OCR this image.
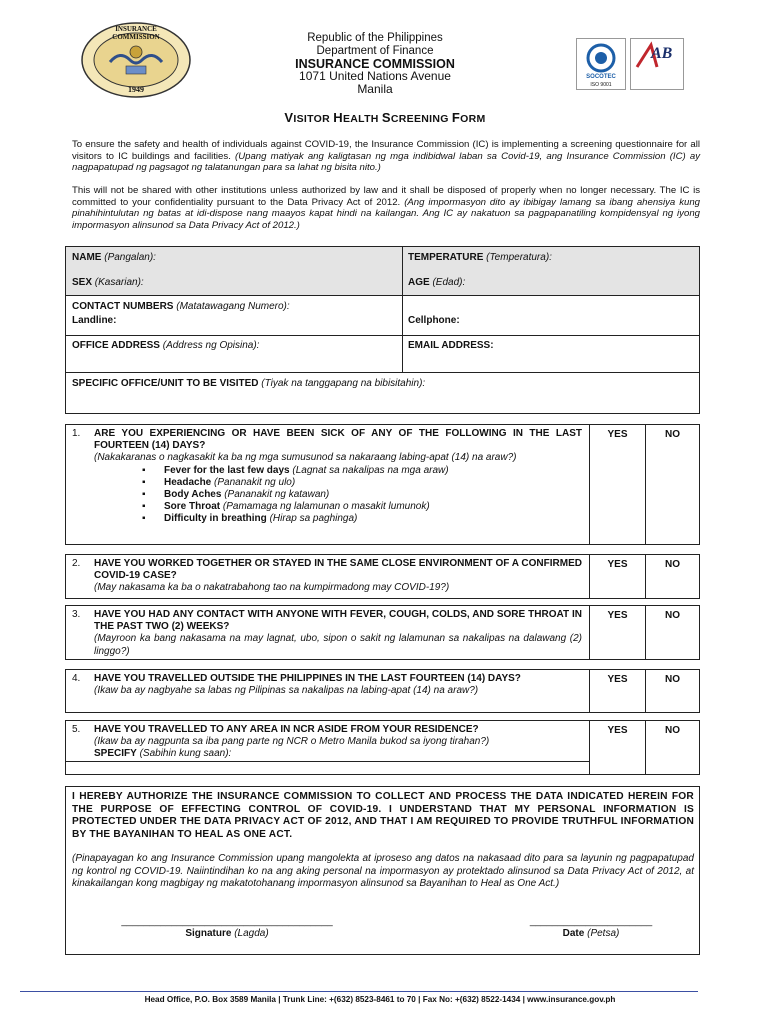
INSURANCE COMMISSION
1949
Republic of the Philippines
Department of Finance
INSURANCE COMMISSION
1071 United Nations Avenue
Manila
SOCOTEC
ISO 9001
AB
VISITOR HEALTH SCREENING FORM
To ensure the safety and health of individuals against COVID-19, the Insurance Commission (IC) is implementing a screening questionnaire for all visitors to IC buildings and facilities. (Upang matiyak ang kaligtasan ng mga indibidwal laban sa Covid-19, ang Insurance Commission (IC) ay nagpapatupad ng pagsagot ng talatanungan para sa lahat ng bisita nito.)
This will not be shared with other institutions unless authorized by law and it shall be disposed of properly when no longer necessary. The IC is committed to your confidentiality pursuant to the Data Privacy Act of 2012. (Ang impormasyon dito ay ibibigay lamang sa ibang ahensiya kung pinahihintulutan ng batas at idi-dispose nang maayos kapat hindi na kailangan. Ang IC ay nakatuon sa pagpapanatiling kompidensyal ng iyong impormasyon alinsunod sa Data Privacy Act of 2012.)
NAME (Pangalan):	TEMPERATURE (Temperatura):
SEX (Kasarian):	AGE (Edad):
CONTACT NUMBERS (Matatawagang Numero):
Landline:	Cellphone:
OFFICE ADDRESS (Address ng Opisina):	EMAIL ADDRESS:
SPECIFIC OFFICE/UNIT TO BE VISITED (Tiyak na tanggapang na bibisitahin):
1. ARE YOU EXPERIENCING OR HAVE BEEN SICK OF ANY OF THE FOLLOWING IN THE LAST FOURTEEN (14) DAYS?
(Nakakaranas o nagkasakit ka ba ng mga sumusunod sa nakaraang labing-apat (14) na araw?)
▪ Fever for the last few days (Lagnat sa nakalipas na mga araw)
▪ Headache (Pananakit ng ulo)
▪ Body Aches (Pananakit ng katawan)
▪ Sore Throat (Pamamaga ng lalamunan o masakit lumunok)
▪ Difficulty in breathing (Hirap sa paghinga)
YES	NO
2. HAVE YOU WORKED TOGETHER OR STAYED IN THE SAME CLOSE ENVIRONMENT OF A CONFIRMED COVID-19 CASE?
(May nakasama ka ba o nakatrabahong tao na kumpirmadong may COVID-19?)
YES	NO
3. HAVE YOU HAD ANY CONTACT WITH ANYONE WITH FEVER, COUGH, COLDS, AND SORE THROAT IN THE PAST TWO (2) WEEKS?
(Mayroon ka bang nakasama na may lagnat, ubo, sipon o sakit ng lalamunan sa nakalipas na dalawang (2) linggo?)
YES	NO
4. HAVE YOU TRAVELLED OUTSIDE THE PHILIPPINES IN THE LAST FOURTEEN (14) DAYS?
(Ikaw ba ay nagbyahe sa labas ng Pilipinas sa nakalipas na labing-apat (14) na araw?)
YES	NO
5. HAVE YOU TRAVELLED TO ANY AREA IN NCR ASIDE FROM YOUR RESIDENCE?
(Ikaw ba ay nagpunta sa iba pang parte ng NCR o Metro Manila bukod sa iyong tirahan?)
SPECIFY (Sabihin kung saan):
YES	NO
I HEREBY AUTHORIZE THE INSURANCE COMMISSION TO COLLECT AND PROCESS THE DATA INDICATED HEREIN FOR THE PURPOSE OF EFFECTING CONTROL OF COVID-19. I UNDERSTAND THAT MY PERSONAL INFORMATION IS PROTECTED UNDER THE DATA PRIVACY ACT OF 2012, AND THAT I AM REQUIRED TO PROVIDE TRUTHFUL INFORMATION BY THE BAYANIHAN TO HEAL AS ONE ACT.
(Pinapayagan ko ang Insurance Commission upang mangolekta at iproseso ang datos na nakasaad dito para sa layunin ng pagpapatupad ng kontrol ng COVID-19. Naiintindihan ko na ang aking personal na impormasyon ay protektado alinsunod sa Data Privacy Act of 2012, at kinakailangan kong magbigay ng makatotohanang impormasyon alinsunod sa Bayanihan to Heal as One Act.)
______________________________________
Signature (Lagda)
______________________
Date (Petsa)
Head Office, P.O. Box 3589 Manila | Trunk Line: +(632) 8523-8461 to 70 | Fax No: +(632) 8522-1434 | www.insurance.gov.ph
